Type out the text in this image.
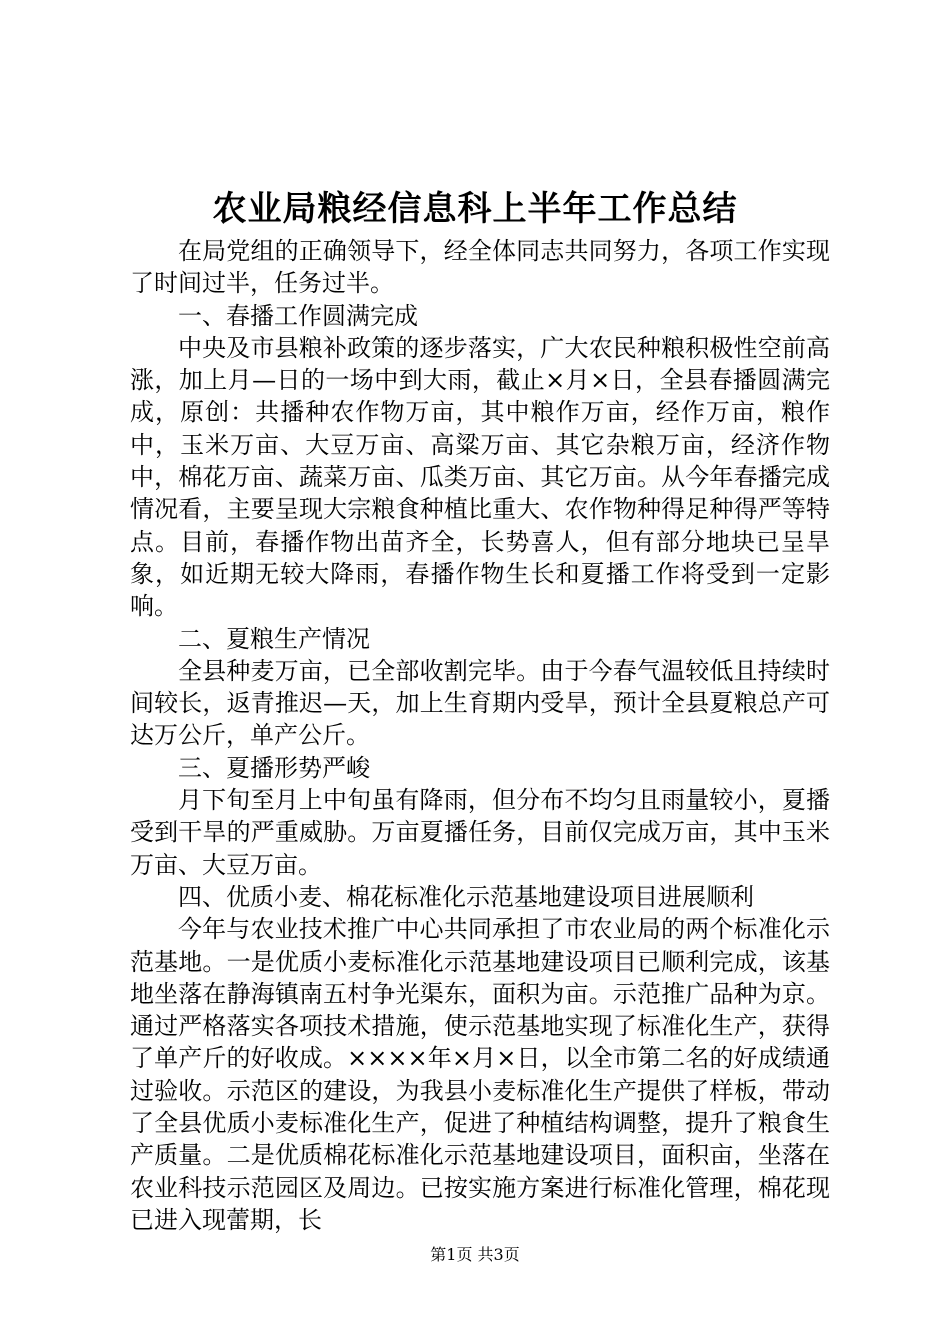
农业局粮经信息科上半年工作总结

在局党组的正确领导下，经全体同志共同努力，各项工作实现了时间过半，任务过半。

一、春播工作圆满完成

中央及市县粮补政策的逐步落实，广大农民种粮积极性空前高涨，加上月—日的一场中到大雨，截止×月×日，全县春播圆满完成，原创：共播种农作物万亩，其中粮作万亩，经作万亩，粮作中，玉米万亩、大豆万亩、高粱万亩、其它杂粮万亩，经济作物中，棉花万亩、蔬菜万亩、瓜类万亩、其它万亩。从今年春播完成情况看，主要呈现大宗粮食种植比重大、农作物种得足种得严等特点。目前，春播作物出苗齐全，长势喜人，但有部分地块已呈旱象，如近期无较大降雨，春播作物生长和夏播工作将受到一定影响。

二、夏粮生产情况

全县种麦万亩，已全部收割完毕。由于今春气温较低且持续时间较长，返青推迟—天，加上生育期内受旱，预计全县夏粮总产可达万公斤，单产公斤。

三、夏播形势严峻

月下旬至月上中旬虽有降雨，但分布不均匀且雨量较小，夏播受到干旱的严重威胁。万亩夏播任务，目前仅完成万亩，其中玉米万亩、大豆万亩。

四、优质小麦、棉花标准化示范基地建设项目进展顺利

今年与农业技术推广中心共同承担了市农业局的两个标准化示范基地。一是优质小麦标准化示范基地建设项目已顺利完成，该基地坐落在静海镇南五村争光渠东，面积为亩。示范推广品种为京。通过严格落实各项技术措施，使示范基地实现了标准化生产，获得了单产斤的好收成。××××年×月×日，以全市第二名的好成绩通过验收。示范区的建设，为我县小麦标准化生产提供了样板，带动了全县优质小麦标准化生产，促进了种植结构调整，提升了粮食生产质量。二是优质棉花标准化示范基地建设项目，面积亩，坐落在农业科技示范园区及周边。已按实施方案进行标准化管理，棉花现已进入现蕾期，长

第1页 共3页
